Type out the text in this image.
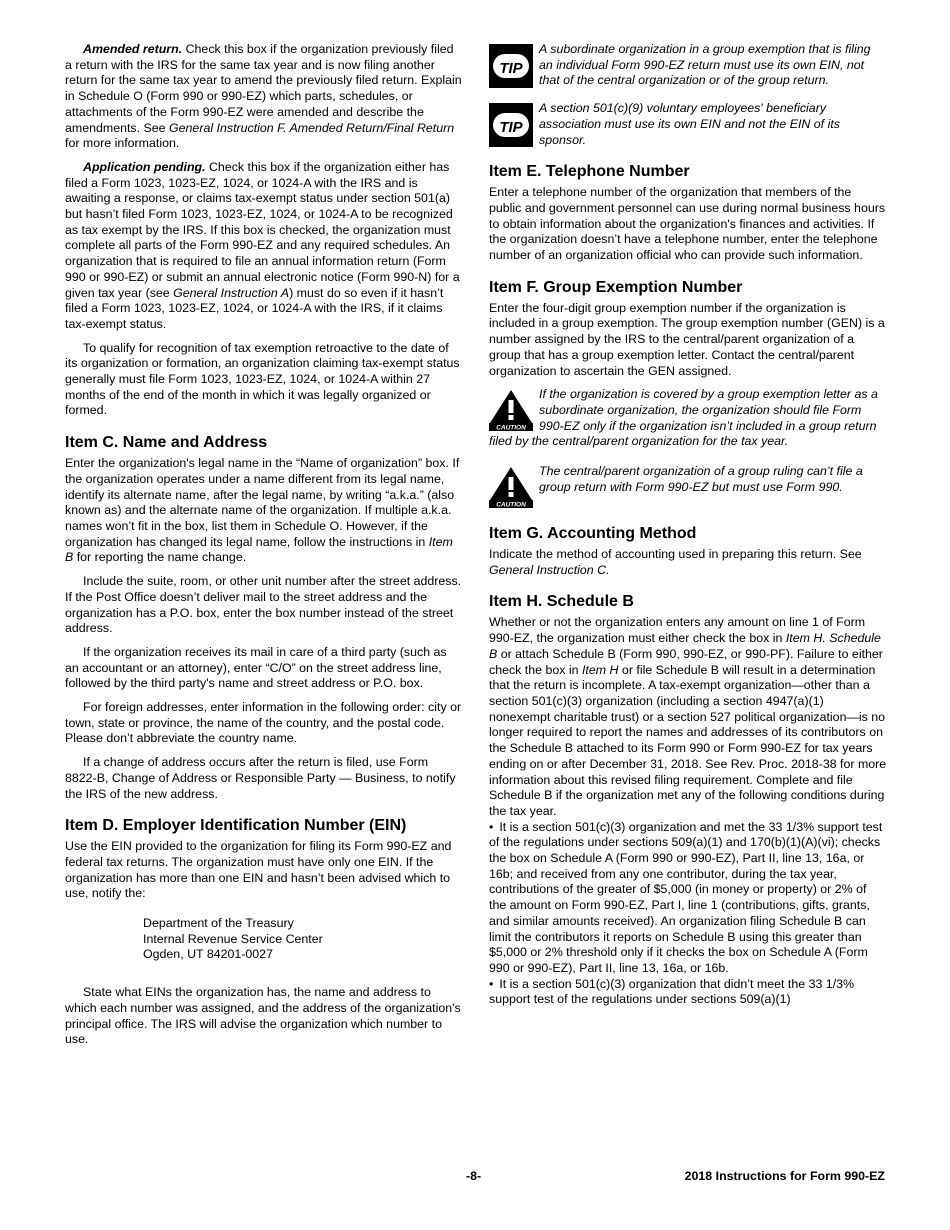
Amended return. Check this box if the organization previously filed a return with the IRS for the same tax year and is now filing another return for the same tax year to amend the previously filed return. Explain in Schedule O (Form 990 or 990-EZ) which parts, schedules, or attachments of the Form 990-EZ were amended and describe the amendments. See General Instruction F. Amended Return/Final Return for more information.

Application pending. Check this box if the organization either has filed a Form 1023, 1023-EZ, 1024, or 1024-A with the IRS and is awaiting a response, or claims tax-exempt status under section 501(a) but hasn’t filed Form 1023, 1023-EZ, 1024, or 1024-A to be recognized as tax exempt by the IRS. If this box is checked, the organization must complete all parts of the Form 990-EZ and any required schedules. An organization that is required to file an annual information return (Form 990 or 990-EZ) or submit an annual electronic notice (Form 990-N) for a given tax year (see General Instruction A) must do so even if it hasn’t filed a Form 1023, 1023-EZ, 1024, or 1024-A with the IRS, if it claims tax-exempt status.

To qualify for recognition of tax exemption retroactive to the date of its organization or formation, an organization claiming tax-exempt status generally must file Form 1023, 1023-EZ, 1024, or 1024-A within 27 months of the end of the month in which it was legally organized or formed.

Item C. Name and Address

Enter the organization's legal name in the “Name of organization” box. If the organization operates under a name different from its legal name, identify its alternate name, after the legal name, by writing “a.k.a.” (also known as) and the alternate name of the organization. If multiple a.k.a. names won’t fit in the box, list them in Schedule O. However, if the organization has changed its legal name, follow the instructions in Item B for reporting the name change.

Include the suite, room, or other unit number after the street address. If the Post Office doesn’t deliver mail to the street address and the organization has a P.O. box, enter the box number instead of the street address.

If the organization receives its mail in care of a third party (such as an accountant or an attorney), enter “C/O” on the street address line, followed by the third party's name and street address or P.O. box.

For foreign addresses, enter information in the following order: city or town, state or province, the name of the country, and the postal code. Please don’t abbreviate the country name.

If a change of address occurs after the return is filed, use Form 8822-B, Change of Address or Responsible Party — Business, to notify the IRS of the new address.

Item D. Employer Identification Number (EIN)

Use the EIN provided to the organization for filing its Form 990-EZ and federal tax returns. The organization must have only one EIN. If the organization has more than one EIN and hasn’t been advised which to use, notify the:

Department of the Treasury
Internal Revenue Service Center
Ogden, UT 84201-0027

State what EINs the organization has, the name and address to which each number was assigned, and the address of the organization's principal office. The IRS will advise the organization which number to use.

TIP
A subordinate organization in a group exemption that is filing an individual Form 990-EZ return must use its own EIN, not that of the central organization or of the group return.
TIP
A section 501(c)(9) voluntary employees' beneficiary association must use its own EIN and not the EIN of its sponsor.
Item E. Telephone Number

Enter a telephone number of the organization that members of the public and government personnel can use during normal business hours to obtain information about the organization's finances and activities. If the organization doesn’t have a telephone number, enter the telephone number of an organization official who can provide such information.

Item F. Group Exemption Number

Enter the four-digit group exemption number if the organization is included in a group exemption. The group exemption number (GEN) is a number assigned by the IRS to the central/parent organization of a group that has a group exemption letter. Contact the central/parent organization to ascertain the GEN assigned.

CAUTION
If the organization is covered by a group exemption letter as a subordinate organization, the organization should file Form 990-EZ only if the organization isn’t included in a group return filed by the central/parent organization for the tax year.
CAUTION
The central/parent organization of a group ruling can’t file a group return with Form 990-EZ but must use Form 990.
Item G. Accounting Method

Indicate the method of accounting used in preparing this return. See General Instruction C.

Item H. Schedule B

Whether or not the organization enters any amount on line 1 of Form 990-EZ, the organization must either check the box in Item H. Schedule B or attach Schedule B (Form 990, 990-EZ, or 990-PF). Failure to either check the box in Item H or file Schedule B will result in a determination that the return is incomplete. A tax-exempt organization—other than a section 501(c)(3) organization (including a section 4947(a)(1) nonexempt charitable trust) or a section 527 political organization—is no longer required to report the names and addresses of its contributors on the Schedule B attached to its Form 990 or Form 990-EZ for tax years ending on or after December 31, 2018. See Rev. Proc. 2018-38 for more information about this revised filing requirement. Complete and file Schedule B if the organization met any of the following conditions during the tax year.

• It is a section 501(c)(3) organization and met the 33 1/3% support test of the regulations under sections 509(a)(1) and 170(b)(1)(A)(vi); checks the box on Schedule A (Form 990 or 990-EZ), Part II, line 13, 16a, or 16b; and received from any one contributor, during the tax year, contributions of the greater of $5,000 (in money or property) or 2% of the amount on Form 990-EZ, Part I, line 1 (contributions, gifts, grants, and similar amounts received). An organization filing Schedule B can limit the contributors it reports on Schedule B using this greater than $5,000 or 2% threshold only if it checks the box on Schedule A (Form 990 or 990-EZ), Part II, line 13, 16a, or 16b.

• It is a section 501(c)(3) organization that didn’t meet the 33 1/3% support test of the regulations under sections 509(a)(1)

-8-	2018 Instructions for Form 990-EZ
